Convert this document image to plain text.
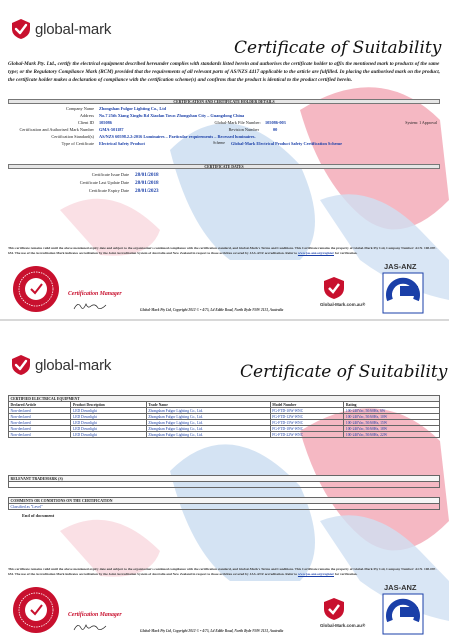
global-mark
Certificate of Suitability
Global-Mark Pty. Ltd., certify the electrical equipment described hereunder complies with standards listed herein and authorises the certificate holder to affix the mentioned mark to products of the same type; or the Regulatory Compliance Mark (RCM) provided that the requirements of all relevant parts of AS/NZS 4417 applicable to the article are fulfilled. In placing the authorised mark on the product, the certificate holder makes a declaration of compliance with the certification scheme(s) and confirms that the product is identical to the product certified herein.
CERTIFICATION AND CERTIFICATE HOLDER DETAILS
Company Name Zhongshan Fulgor Lighting Co., Ltd
Address No.7 25th Xiang Xingfu Rd Xiaolan Town Zhongshan City – Guangdong China
Client ID 105086	Global-Mark File Number: 105086-003	System: 1 Approval
Certification and Authorised Mark Number GMA-501187	Revision Number	00
Certification Standard(s) AS/NZS 60598.2.2:2016 Luminaires – Particular requirements – Recessed luminaires.
Type of Certificate Electrical Safety Product	Scheme Global-Mark Electrical Product Safety Certification Scheme
CERTIFICATE DATES
Certificate Issue Date 28/01/2018
Certificate Last Update Date 28/01/2018
Certificate Expiry Date 28/01/2023
This certificate remains valid until the above mentioned expiry date and subject to the organisation's continued compliance with the certification standard, and Global-Mark's Terms and Conditions. This Certificate remains the property of Global-Mark Pty Ltd, Company Number: ACN. 108-087-654. The use of the Accreditation Mark indicates accreditation by the Joint Accreditation System of Australia and New Zealand in respect to those activities covered by JAS-ANZ accreditation. Refer to www.jas-anz.org/register for verification.
Certification Manager
Global-Mark Pty Ltd, Copyright 2012 © • 4/75, Ld Eddie Road, North Ryde NSW 2113, Australia
Global-Mark.com.au®
JAS-ANZ
global-mark	Certificate of Suitability
CERTIFIED ELECTRICAL EQUIPMENT				
Declared Article	Product Description	Trade Name	Model Number	Rating
Non-declared	LED Downlight	Zhongshan Fulgor Lighting Co., Ltd.	FG-FTD-10W-WNC	100-240Vac, 50/60Hz, 6W
Non-declared	LED Downlight	Zhongshan Fulgor Lighting Co., Ltd.	FG-FTD-12W-WNC	100-240Vac, 50/60Hz, 10W
Non-declared	LED Downlight	Zhongshan Fulgor Lighting Co., Ltd.	FG-FTD-15W-WNC	100-240Vac, 50/60Hz, 15W
Non-declared	LED Downlight	Zhongshan Fulgor Lighting Co., Ltd.	FG-FTD-18W-WNC	100-240Vac, 50/60Hz, 18W
Non-declared	LED Downlight	Zhongshan Fulgor Lighting Co., Ltd.	FG-FTD-22W-WNC	100-240Vac, 50/60Hz, 22W
RELEVANT TRADEMARK (S)
COMMENTS OR CONDITIONS ON THE CERTIFICATION
Classified as "Level"
End of document
This certificate remains valid until the above mentioned expiry date and subject to the organisation's continued compliance with the certification standard, and Global-Mark's Terms and Conditions. This Certificate remains the property of Global-Mark Pty Ltd, Company Number: ACN. 108-087-654. The use of the Accreditation Mark indicates accreditation by the Joint Accreditation System of Australia and New Zealand in respect to those activities covered by JAS-ANZ accreditation. Refer to www.jas-anz.org/register for verification.
Certification Manager
Global-Mark Pty Ltd, Copyright 2012 © • 4/75, Ld Eddie Road, North Ryde NSW 2113, Australia
Global-Mark.com.au®
JAS-ANZ
